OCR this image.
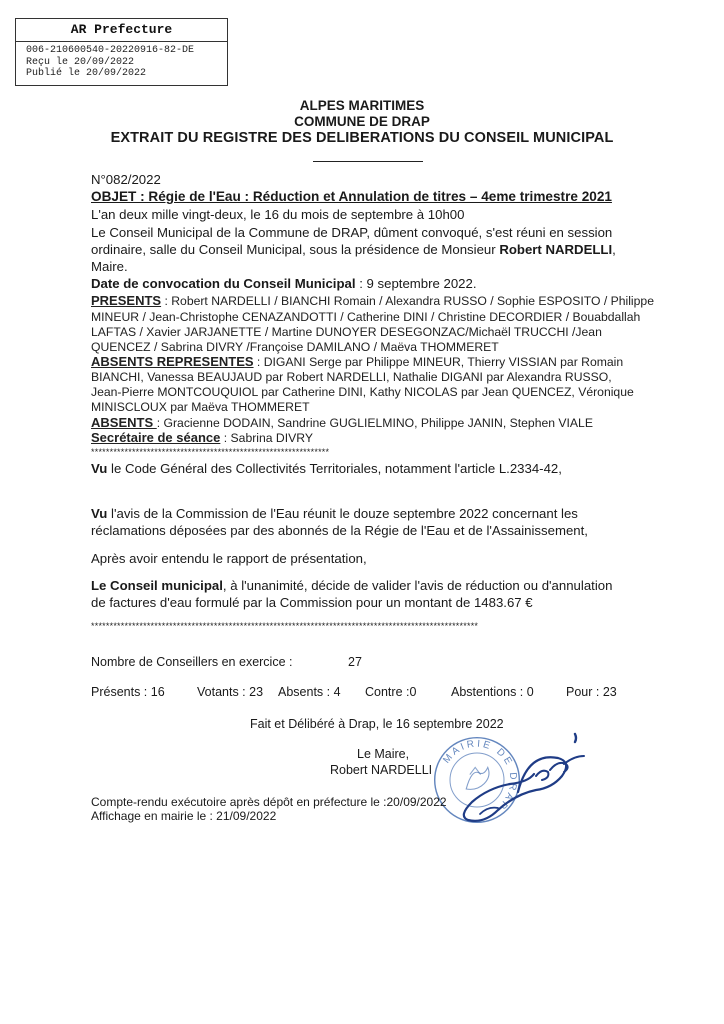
AR Prefecture
006-210600540-20220916-82-DE
Reçu le 20/09/2022
Publié le 20/09/2022
ALPES MARITIMES
COMMUNE DE DRAP
EXTRAIT DU REGISTRE DES DELIBERATIONS DU CONSEIL MUNICIPAL
N°082/2022
OBJET : Régie de l'Eau : Réduction et Annulation de titres – 4eme trimestre 2021
L'an deux mille vingt-deux, le 16 du mois de septembre à 10h00
Le Conseil Municipal de la Commune de DRAP, dûment convoqué, s'est réuni en session
ordinaire, salle du Conseil Municipal, sous la présidence de Monsieur Robert NARDELLI,
Maire.
Date de convocation du Conseil Municipal : 9 septembre 2022.
PRESENTS : Robert NARDELLI / BIANCHI Romain / Alexandra RUSSO / Sophie ESPOSITO / Philippe
MINEUR / Jean-Christophe CENAZANDOTTI / Catherine DINI / Christine DECORDIER / Bouabdallah
LAFTAS / Xavier JARJANETTE / Martine DUNOYER DESEGONZAC/Michaël TRUCCHI /Jean
QUENCEZ / Sabrina DIVRY /Françoise DAMILANO / Maëva THOMMERET
ABSENTS REPRESENTES : DIGANI Serge par Philippe MINEUR, Thierry VISSIAN par Romain
BIANCHI, Vanessa BEAUJAUD par Robert NARDELLI, Nathalie DIGANI par Alexandra RUSSO,
Jean-Pierre MONTCOUQUIOL par Catherine DINI, Kathy NICOLAS par Jean QUENCEZ, Véronique
MINISCLOUX par Maëva THOMMERET
ABSENTS : Gracienne DODAIN, Sandrine GUGLIELMINO, Philippe JANIN, Stephen VIALE
Secrétaire de séance : Sabrina DIVRY
****************************************************************
Vu le Code Général des Collectivités Territoriales, notamment l'article L.2334-42,
Vu l'avis de la Commission de l'Eau réunit le douze septembre 2022 concernant les
réclamations déposées par des abonnés de la Régie de l'Eau et de l'Assainissement,
Après avoir entendu le rapport de présentation,
Le Conseil municipal, à l'unanimité, décide de valider l'avis de réduction ou d'annulation
de factures d'eau formulé par la Commission pour un montant de 1483.67 €
********************************************************************************************************
Nombre de Conseillers en exercice :	27
Présents : 16	Votants : 23 Absents : 4 Contre :0	Abstentions : 0	Pour : 23
Fait et Délibéré à Drap, le 16 septembre 2022
MAIRIE DE DRAP
Le Maire,
Robert NARDELLI
Compte-rendu exécutoire après dépôt en préfecture le :20/09/2022
Affichage en mairie le : 21/09/2022
